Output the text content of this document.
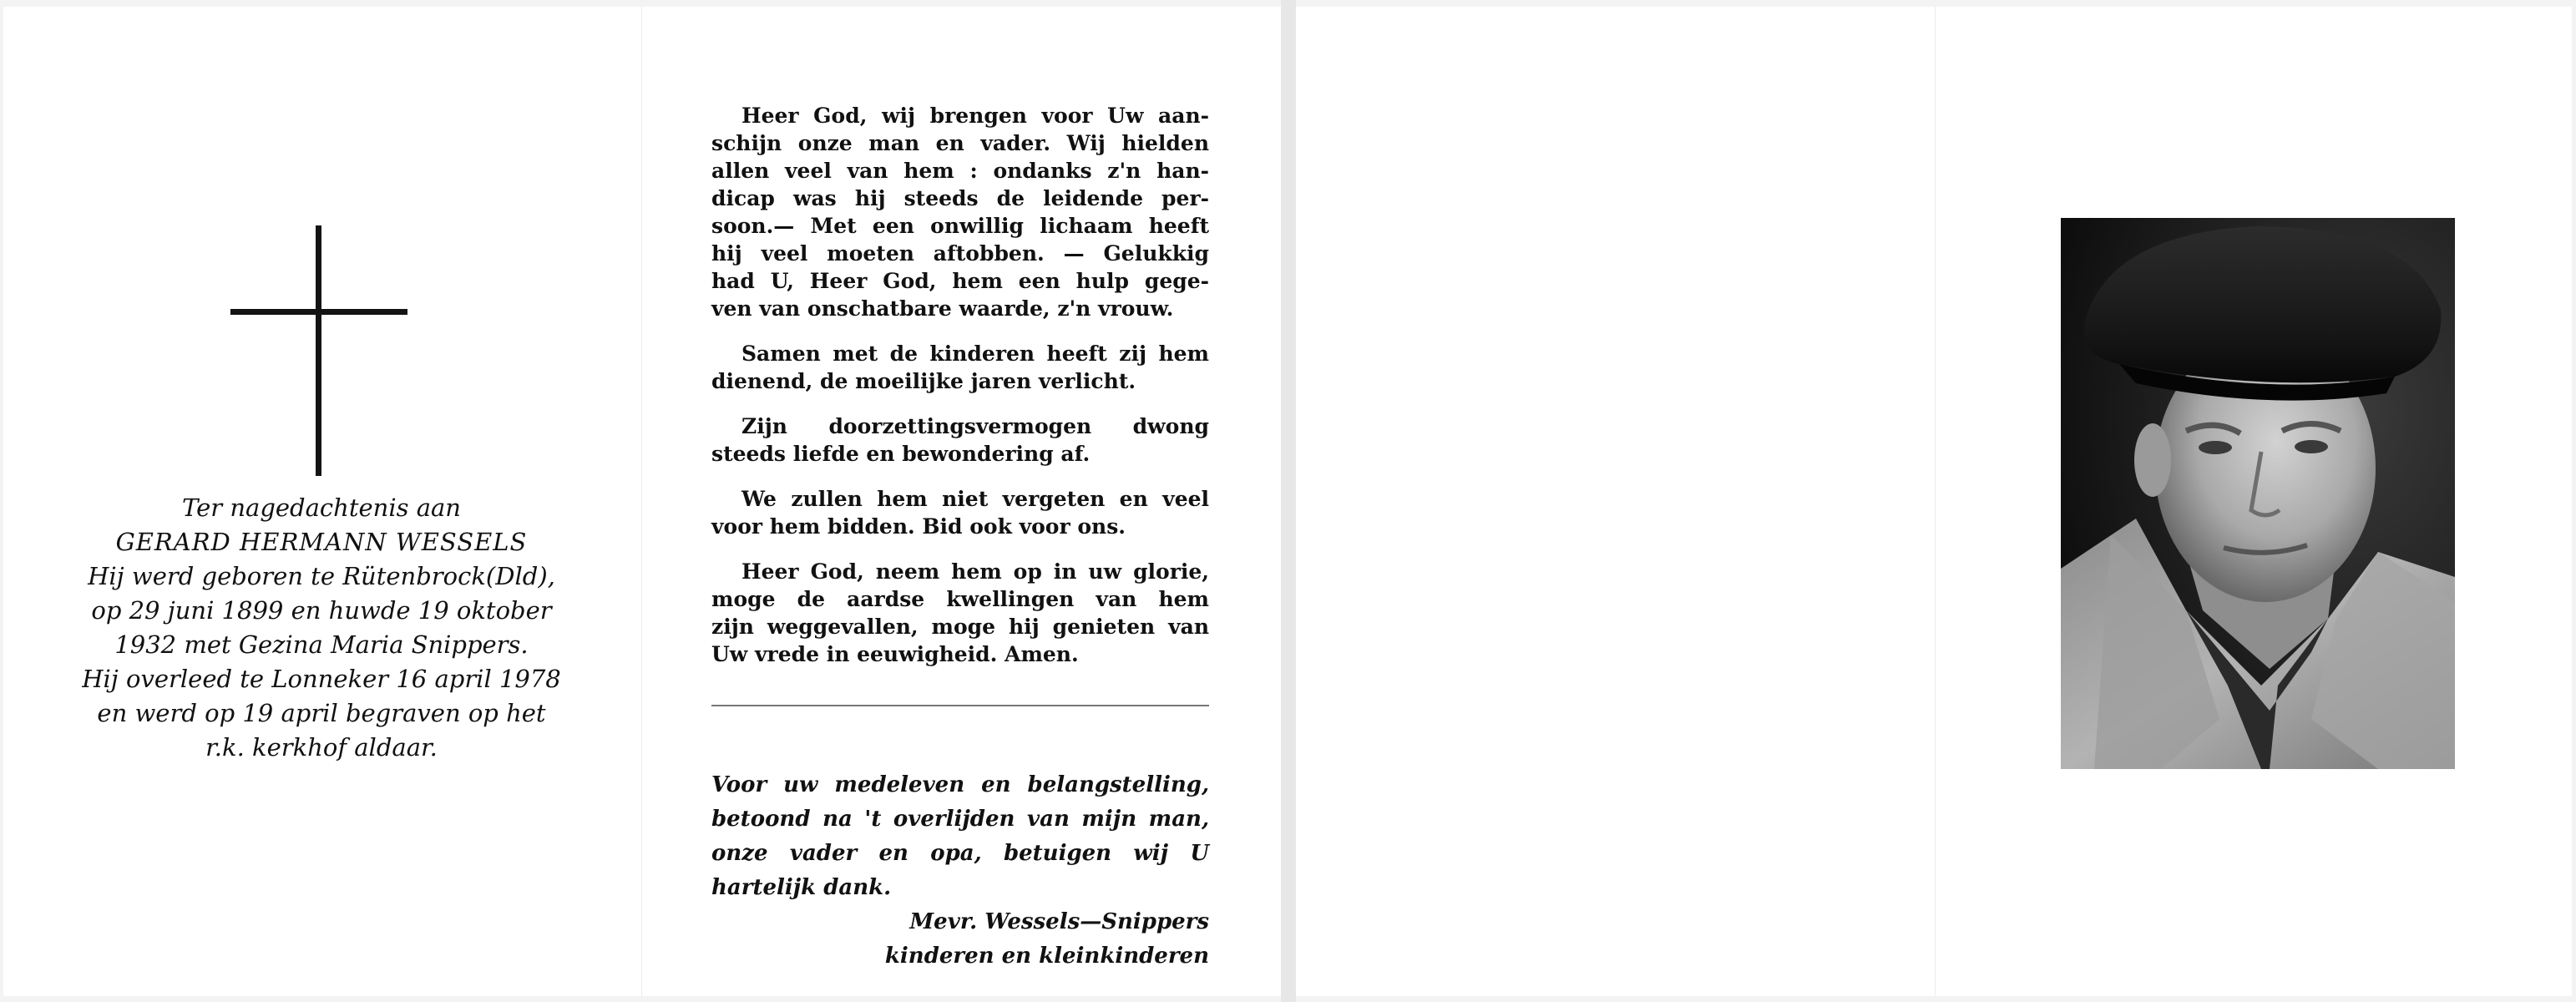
Ter nagedachtenis aan
GERARD HERMANN WESSELS
Hij werd geboren te Rütenbrock(Dld),
op 29 juni 1899 en huwde 19 oktober
1932 met Gezina Maria Snippers.
Hij overleed te Lonneker 16 april 1978
en werd op 19 april begraven op het
r.k. kerkhof aldaar.
Heer God, wij brengen voor Uw aan-
schijn onze man en vader. Wij hielden
allen veel van hem : ondanks z'n han-
dicap was hij steeds de leidende per-
soon.— Met een onwillig lichaam heeft
hij veel moeten aftobben. — Gelukkig
had U, Heer God, hem een hulp gege-
ven van onschatbare waarde, z'n vrouw.
Samen met de kinderen heeft zij hem
dienend, de moeilijke jaren verlicht.
Zijn doorzettingsvermogen dwong
steeds liefde en bewondering af.
We zullen hem niet vergeten en veel
voor hem bidden. Bid ook voor ons.
Heer God, neem hem op in uw glorie,
moge de aardse kwellingen van hem
zijn weggevallen, moge hij genieten van
Uw vrede in eeuwigheid. Amen.
Voor uw medeleven en belangstelling,
betoond na 't overlijden van mijn man,
onze vader en opa, betuigen wij U
hartelijk dank.
Mevr. Wessels—Snippers
kinderen en kleinkinderen
